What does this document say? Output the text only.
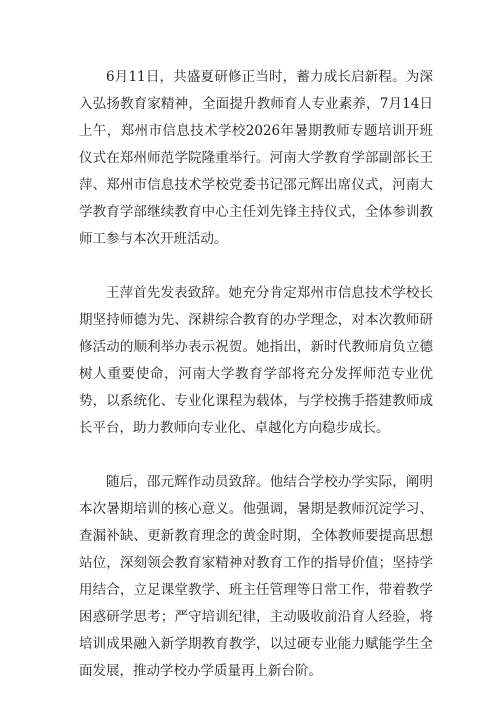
6月11日，共盛夏研修正当时，蓄力成长启新程。为深入弘扬教育家精神，全面提升教师育人专业素养，7月14日上午，郑州市信息技术学校2026年暑期教师专题培训开班仪式在郑州师范学院隆重举行。河南大学教育学部副部长王萍、郑州市信息技术学校党委书记邵元辉出席仪式，河南大学教育学部继续教育中心主任刘先锋主持仪式，全体参训教师工参与本次开班活动。

王萍首先发表致辞。她充分肯定郑州市信息技术学校长期坚持师德为先、深耕综合教育的办学理念，对本次教师研修活动的顺利举办表示祝贺。她指出，新时代教师肩负立德树人重要使命，河南大学教育学部将充分发挥师范专业优势，以系统化、专业化课程为载体，与学校携手搭建教师成长平台，助力教师向专业化、卓越化方向稳步成长。

随后，邵元辉作动员致辞。他结合学校办学实际，阐明本次暑期培训的核心意义。他强调，暑期是教师沉淀学习、查漏补缺、更新教育理念的黄金时期，全体教师要提高思想站位，深刻领会教育家精神对教育工作的指导价值；坚持学用结合，立足课堂教学、班主任管理等日常工作，带着教学困惑研学思考；严守培训纪律，主动吸收前沿育人经验，将培训成果融入新学期教育教学，以过硬专业能力赋能学生全面发展，推动学校办学质量再上新台阶。
